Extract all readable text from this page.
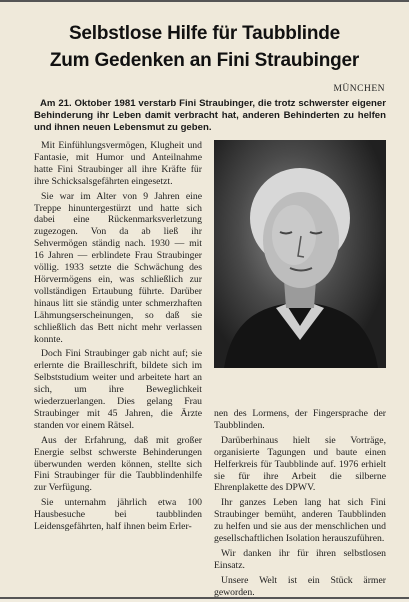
Selbstlose Hilfe für Taubblinde
Zum Gedenken an Fini Straubinger
MÜNCHEN
Am 21. Oktober 1981 verstarb Fini Straubinger, die trotz schwerster eigener Behinderung ihr Leben damit verbracht hat, anderen Behinderten zu helfen und ihnen neuen Lebensmut zu geben.

Mit Einfühlungsvermögen, Klugheit und Fantasie, mit Humor und Anteilnahme hatte Fini Straubinger all ihre Kräfte für ihre Schicksalsgefährten eingesetzt.

Sie war im Alter von 9 Jahren eine Treppe hinuntergestürzt und hatte sich dabei eine Rückenmarksverletzung zugezogen. Von da ab ließ ihr Sehvermögen ständig nach. 1930 — mit 16 Jahren — erblindete Frau Straubinger völlig. 1933 setzte die Schwächung des Hörvermögens ein, was schließlich zur vollständigen Ertaubung führte. Darüber hinaus litt sie ständig unter schmerzhaften Lähmungserscheinungen, so daß sie schließlich das Bett nicht mehr verlassen konnte.

Doch Fini Straubinger gab nicht auf; sie erlernte die Brailleschrift, bildete sich im Selbststudium weiter und arbeitete hart an sich, um ihre Beweglichkeit wiederzuerlangen. Dies gelang Frau Straubinger mit 45 Jahren, die Ärzte standen vor einem Rätsel.

Aus der Erfahrung, daß mit großer Energie selbst schwerste Behinderungen überwunden werden können, stellte sich Fini Straubinger für die Taubblindenhilfe zur Verfügung.

Sie unternahm jährlich etwa 100 Hausbesuche bei taubblinden Leidensgefährten, half ihnen beim Erler-

nen des Lormens, der Fingersprache der Taubblinden.

Darüberhinaus hielt sie Vorträge, organisierte Tagungen und baute einen Helferkreis für Taubblinde auf. 1976 erhielt sie für ihre Arbeit die silberne Ehrenplakette des DPWV.

Ihr ganzes Leben lang hat sich Fini Straubinger bemüht, anderen Taubblinden zu helfen und sie aus der menschlichen und gesellschaftlichen Isolation herauszuführen.

Wir danken ihr für ihren selbstlosen Einsatz.

Unsere Welt ist ein Stück ärmer geworden.
